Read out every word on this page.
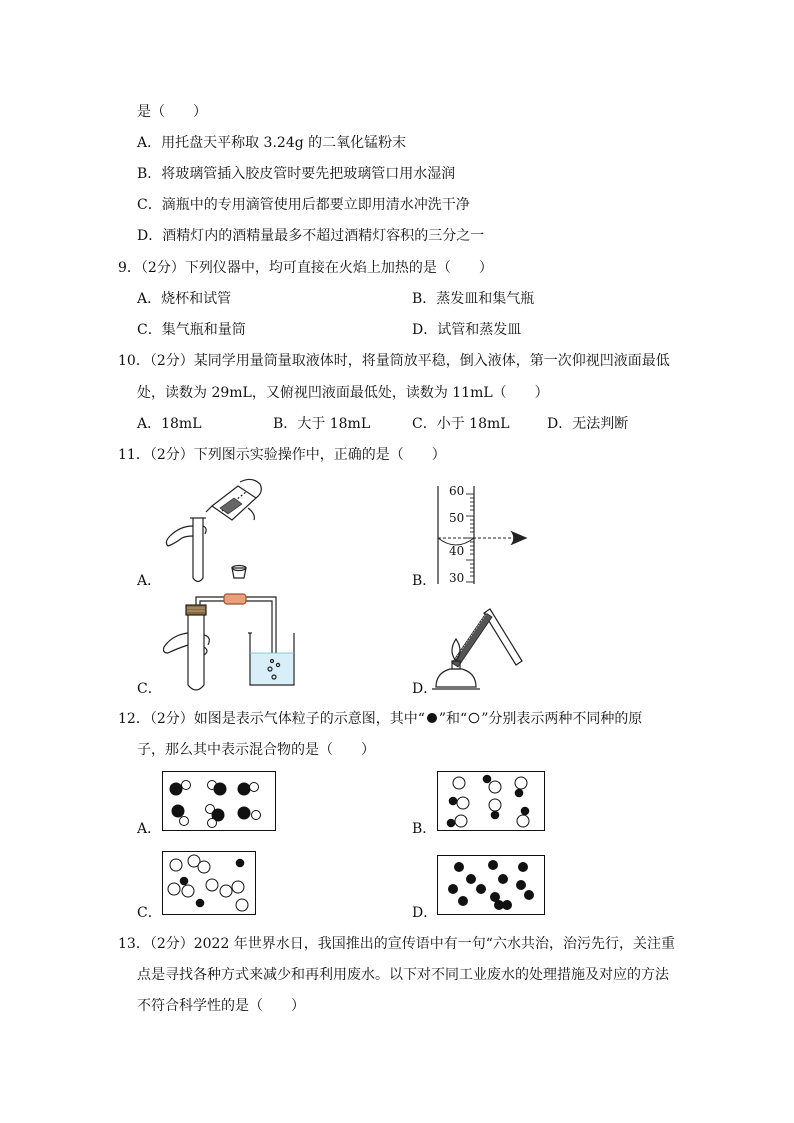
是（　　）
A．用托盘天平称取 3.24g 的二氧化锰粉末
B．将玻璃管插入胶皮管时要先把玻璃管口用水湿润
C．滴瓶中的专用滴管使用后都要立即用清水冲洗干净
D．酒精灯内的酒精量最多不超过酒精灯容积的三分之一
9．（2分）下列仪器中，均可直接在火焰上加热的是（　　）
A．烧杯和试管	B．蒸发皿和集气瓶
C．集气瓶和量筒	D．试管和蒸发皿
10．（2分）某同学用量筒量取液体时，将量筒放平稳，倒入液体，第一次仰视凹液面最低
处，读数为 29mL，又俯视凹液面最低处，读数为 11mL（　　）
A．18mL	B．大于 18mL	C．小于 18mL	D．无法判断
11．（2分）下列图示实验操作中，正确的是（　　）
A．	B．
60
50
40
30
C．	D．
12．（2分）如图是表示气体粒子的示意图，其中“ ”和“ ”分别表示两种不同种的原
子，那么其中表示混合物的是（　　）
A．	B．
C．	D．
13．（2分）2022 年世界水日，我国推出的宣传语中有一句“六水共治，治污先行，关注重
点是寻找各种方式来减少和再利用废水。以下对不同工业废水的处理措施及对应的方法
不符合科学性的是（　　）
